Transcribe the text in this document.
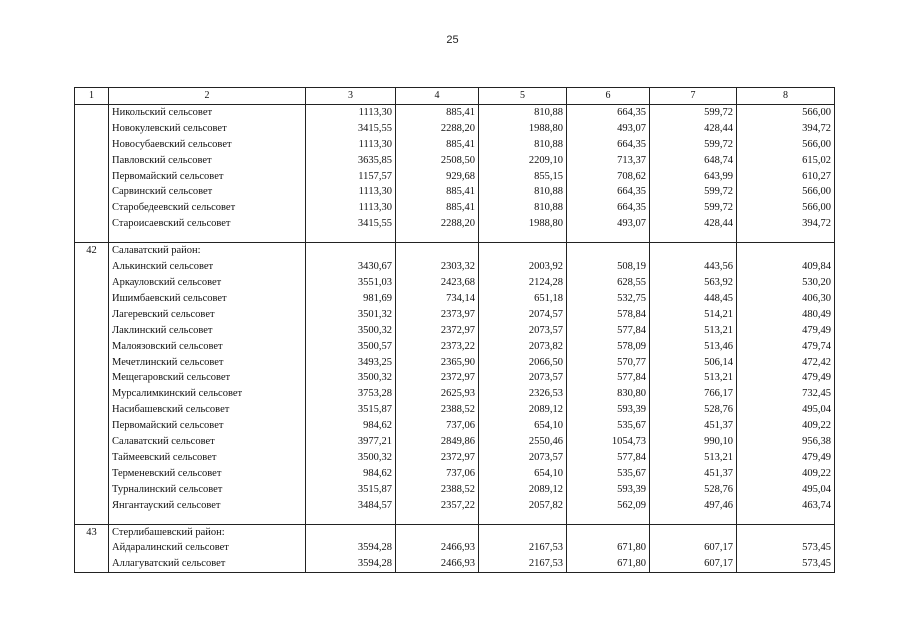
25
1	2	3	4	5	6	7	8
	Никольский сельсовет	1113,30	885,41	810,88	664,35	599,72	566,00
	Новокулевский сельсовет	3415,55	2288,20	1988,80	493,07	428,44	394,72
	Новосубаевский сельсовет	1113,30	885,41	810,88	664,35	599,72	566,00
	Павловский сельсовет	3635,85	2508,50	2209,10	713,37	648,74	615,02
	Первомайский сельсовет	1157,57	929,68	855,15	708,62	643,99	610,27
	Сарвинский сельсовет	1113,30	885,41	810,88	664,35	599,72	566,00
	Старобедеевский сельсовет	1113,30	885,41	810,88	664,35	599,72	566,00
	Староисаевский сельсовет	3415,55	2288,20	1988,80	493,07	428,44	394,72

42	Салаватский район:						
	Алькинский сельсовет	3430,67	2303,32	2003,92	508,19	443,56	409,84
	Аркауловский сельсовет	3551,03	2423,68	2124,28	628,55	563,92	530,20
	Ишимбаевский сельсовет	981,69	734,14	651,18	532,75	448,45	406,30
	Лагеревский сельсовет	3501,32	2373,97	2074,57	578,84	514,21	480,49
	Лаклинский сельсовет	3500,32	2372,97	2073,57	577,84	513,21	479,49
	Малоязовский сельсовет	3500,57	2373,22	2073,82	578,09	513,46	479,74
	Мечетлинский сельсовет	3493,25	2365,90	2066,50	570,77	506,14	472,42
	Мещегаровский сельсовет	3500,32	2372,97	2073,57	577,84	513,21	479,49
	Мурсалимкинский сельсовет	3753,28	2625,93	2326,53	830,80	766,17	732,45
	Насибашевский сельсовет	3515,87	2388,52	2089,12	593,39	528,76	495,04
	Первомайский сельсовет	984,62	737,06	654,10	535,67	451,37	409,22
	Салаватский сельсовет	3977,21	2849,86	2550,46	1054,73	990,10	956,38
	Таймеевский сельсовет	3500,32	2372,97	2073,57	577,84	513,21	479,49
	Терменевский сельсовет	984,62	737,06	654,10	535,67	451,37	409,22
	Турналинский сельсовет	3515,87	2388,52	2089,12	593,39	528,76	495,04
	Янгантауский сельсовет	3484,57	2357,22	2057,82	562,09	497,46	463,74

43	Стерлибашевский район:						
	Айдаралинский сельсовет	3594,28	2466,93	2167,53	671,80	607,17	573,45
	Аллагуватский сельсовет	3594,28	2466,93	2167,53	671,80	607,17	573,45
